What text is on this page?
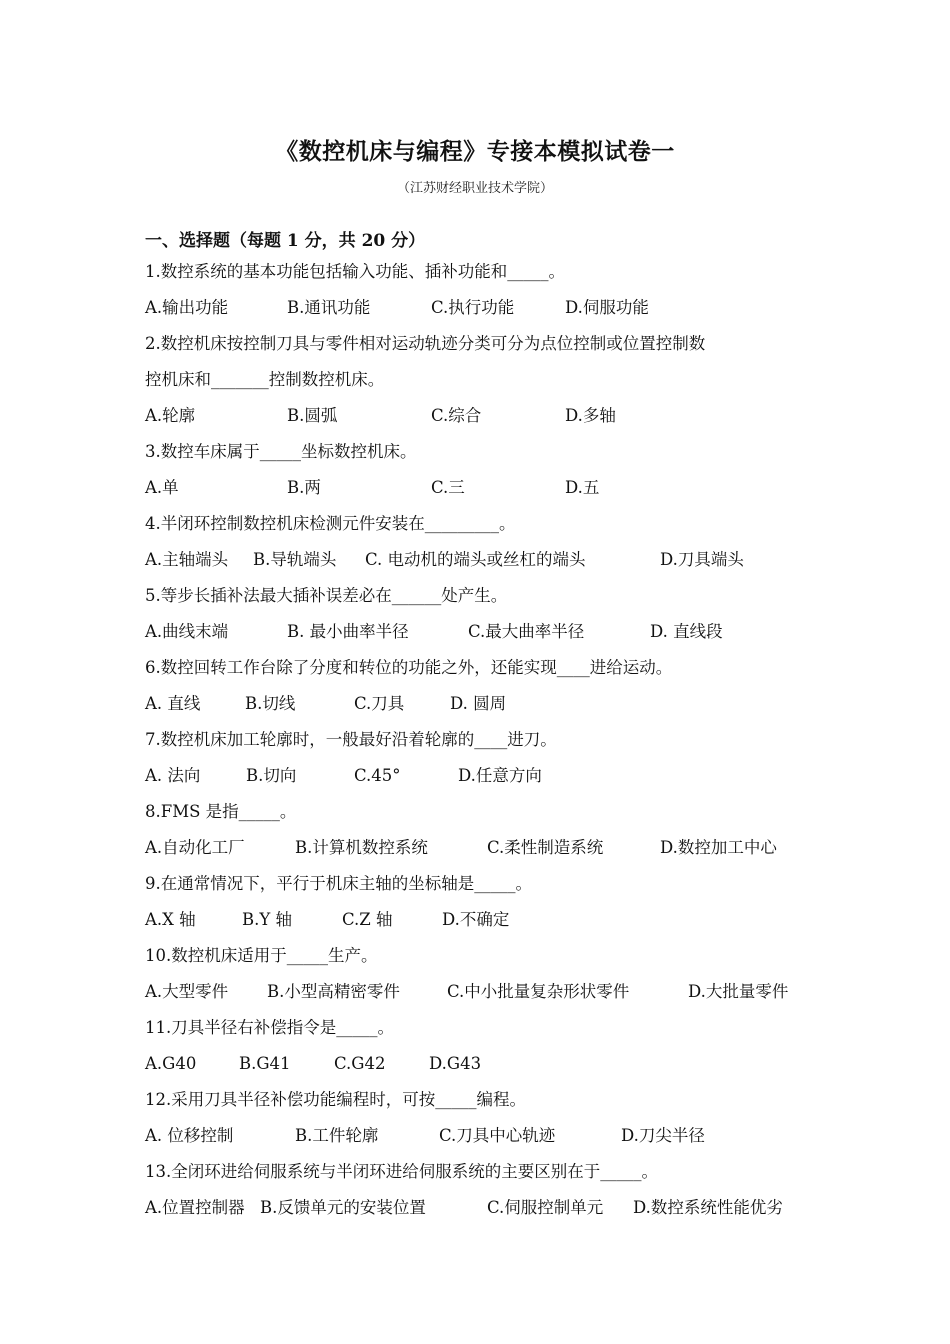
《数控机床与编程》专接本模拟试卷一
（江苏财经职业技术学院）
一、选择题（每题 1 分，共 20 分）
1.数控系统的基本功能包括输入功能、插补功能和_____。
A.输出功能	B.通讯功能	C.执行功能	D.伺服功能
2.数控机床按控制刀具与零件相对运动轨迹分类可分为点位控制或位置控制数
控机床和_______控制数控机床。
A.轮廓	B.圆弧	C.综合	D.多轴
3.数控车床属于_____坐标数控机床。
A.单	B.两	C.三	D.五
4.半闭环控制数控机床检测元件安装在_________。
A.主轴端头 B.导轨端头 C. 电动机的端头或丝杠的端头	D.刀具端头
5.等步长插补法最大插补误差必在______处产生。
A.曲线末端	B. 最小曲率半径	C.最大曲率半径	D. 直线段
6.数控回转工作台除了分度和转位的功能之外，还能实现____进给运动。
A. 直线	B.切线	C.刀具	D. 圆周
7.数控机床加工轮廓时，一般最好沿着轮廓的____进刀。
A. 法向	B.切向	C.45°	D.任意方向
8.FMS 是指_____。
A.自动化工厂	B.计算机数控系统	C.柔性制造系统	D.数控加工中心
9.在通常情况下，平行于机床主轴的坐标轴是_____。
A.X 轴	B.Y 轴	C.Z 轴	D.不确定
10.数控机床适用于_____生产。
A.大型零件 B.小型高精密零件	C.中小批量复杂形状零件	D.大批量零件
11.刀具半径右补偿指令是_____。
A.G40	B.G41	C.G42	D.G43
12.采用刀具半径补偿功能编程时，可按_____编程。
A. 位移控制	B.工件轮廓	C.刀具中心轨迹	D.刀尖半径
13.全闭环进给伺服系统与半闭环进给伺服系统的主要区别在于_____。
A.位置控制器 B.反馈单元的安装位置	C.伺服控制单元 D.数控系统性能优劣
